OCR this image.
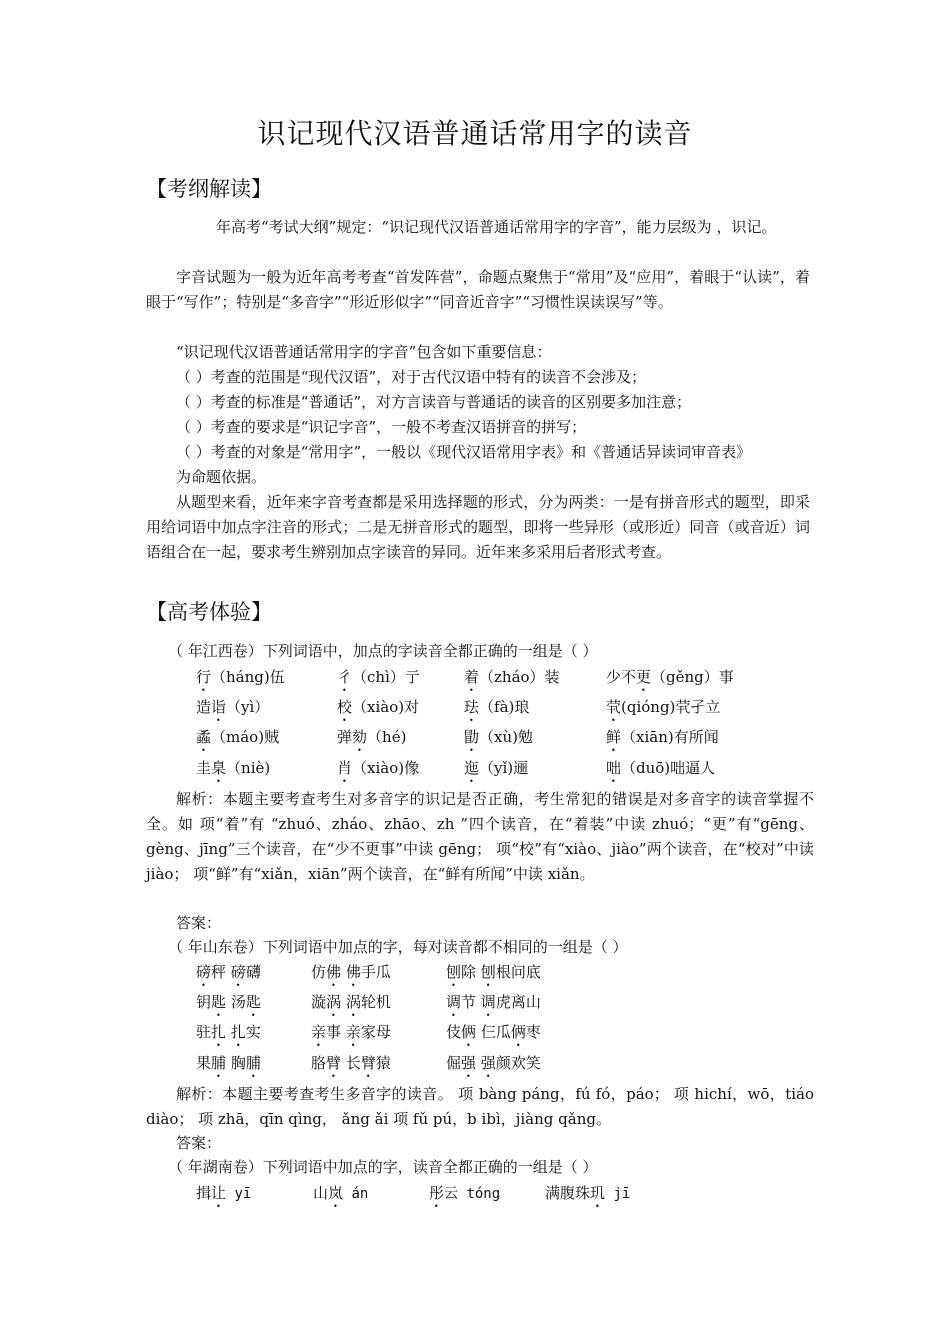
识记现代汉语普通话常用字的读音
【考纲解读】

年高考“考试大纲”规定：“识记现代汉语普通话常用字的字音”，能力层级为 ，识记。

字音试题为一般为近年高考考查“首发阵营”，命题点聚焦于“常用”及“应用”，着眼于“认读”，着眼于“写作”；特别是“多音字”“形近形似字”“同音近音字”“习惯性误读误写”等。

“识记现代汉语普通话常用字的字音”包含如下重要信息：

（ ）考查的范围是“现代汉语”，对于古代汉语中特有的读音不会涉及；

（ ）考查的标准是“普通话”，对方言读音与普通话的读音的区别要多加注意；

（ ）考查的要求是“识记字音”，一般不考查汉语拼音的拼写；

（ ）考查的对象是“常用字”，一般以《现代汉语常用字表》和《普通话异读词审音表》

为命题依据。

从题型来看，近年来字音考查都是采用选择题的形式，分为两类：一是有拼音形式的题型，即采用给词语中加点字注音的形式；二是无拼音形式的题型，即将一些异形（或形近）同音（或音近）词语组合在一起，要求考生辨别加点字读音的异同。近年来多采用后者形式考查。

【高考体验】
（ 年江西卷）下列词语中，加点的字读音全都正确的一组是（ ）
行（háng)伍	彳（chì）亍	着（zháo）装	少不更（gěng）事
造诣（yì）	校（xiào)对	珐（fà)琅	茕(qióng)茕孑立
蟊（máo)贼	弹劾（hé)	勖（xù)勉	鲜（xiān)有所闻
圭臬（niè)	肖（xiào)像	迤（yǐ)逦	咄（duō)咄逼人

解析：本题主要考查考生对多音字的识记是否正确，考生常犯的错误是对多音字的读音掌握不全。如 项“着”有 “zhuó、zháo、zhāo、zh ”四个读音，在“着装”中读 zhuó；“更”有“gēng、gèng、jīng”三个读音，在“少不更事”中读 gēng； 项“校”有“xiào、jiào”两个读音，在“校对”中读 jiào； 项“鲜”有“xiǎn，xiān”两个读音，在“鲜有所闻”中读 xiǎn。

答案：
（ 年山东卷）下列词语中加点的字，每对读音都不相同的一组是（ ）
磅秤 磅礴	仿佛 佛手瓜	刨除 刨根问底
钥匙 汤匙	漩涡 涡轮机	调节 调虎离山
驻扎 扎实	亲事 亲家母	伎俩 仨瓜俩枣
果脯 胸脯	胳臂 长臂猿	倔强 强颜欢笑

解析：本题主要考查考生多音字的读音。 项 bàng páng，fú fó，páo； 项 hichí，wō，tiáo diào； 项 zhā，qīn qìng， ǎng ǎi 项 fǔ pú，b ibì，jiàng qǎng。

答案：
（ 年湖南卷）下列词语中加点的字，读音全都正确的一组是（ ）
揖让 yī	山岚 án	彤云 tóng	满腹珠玑 jī
